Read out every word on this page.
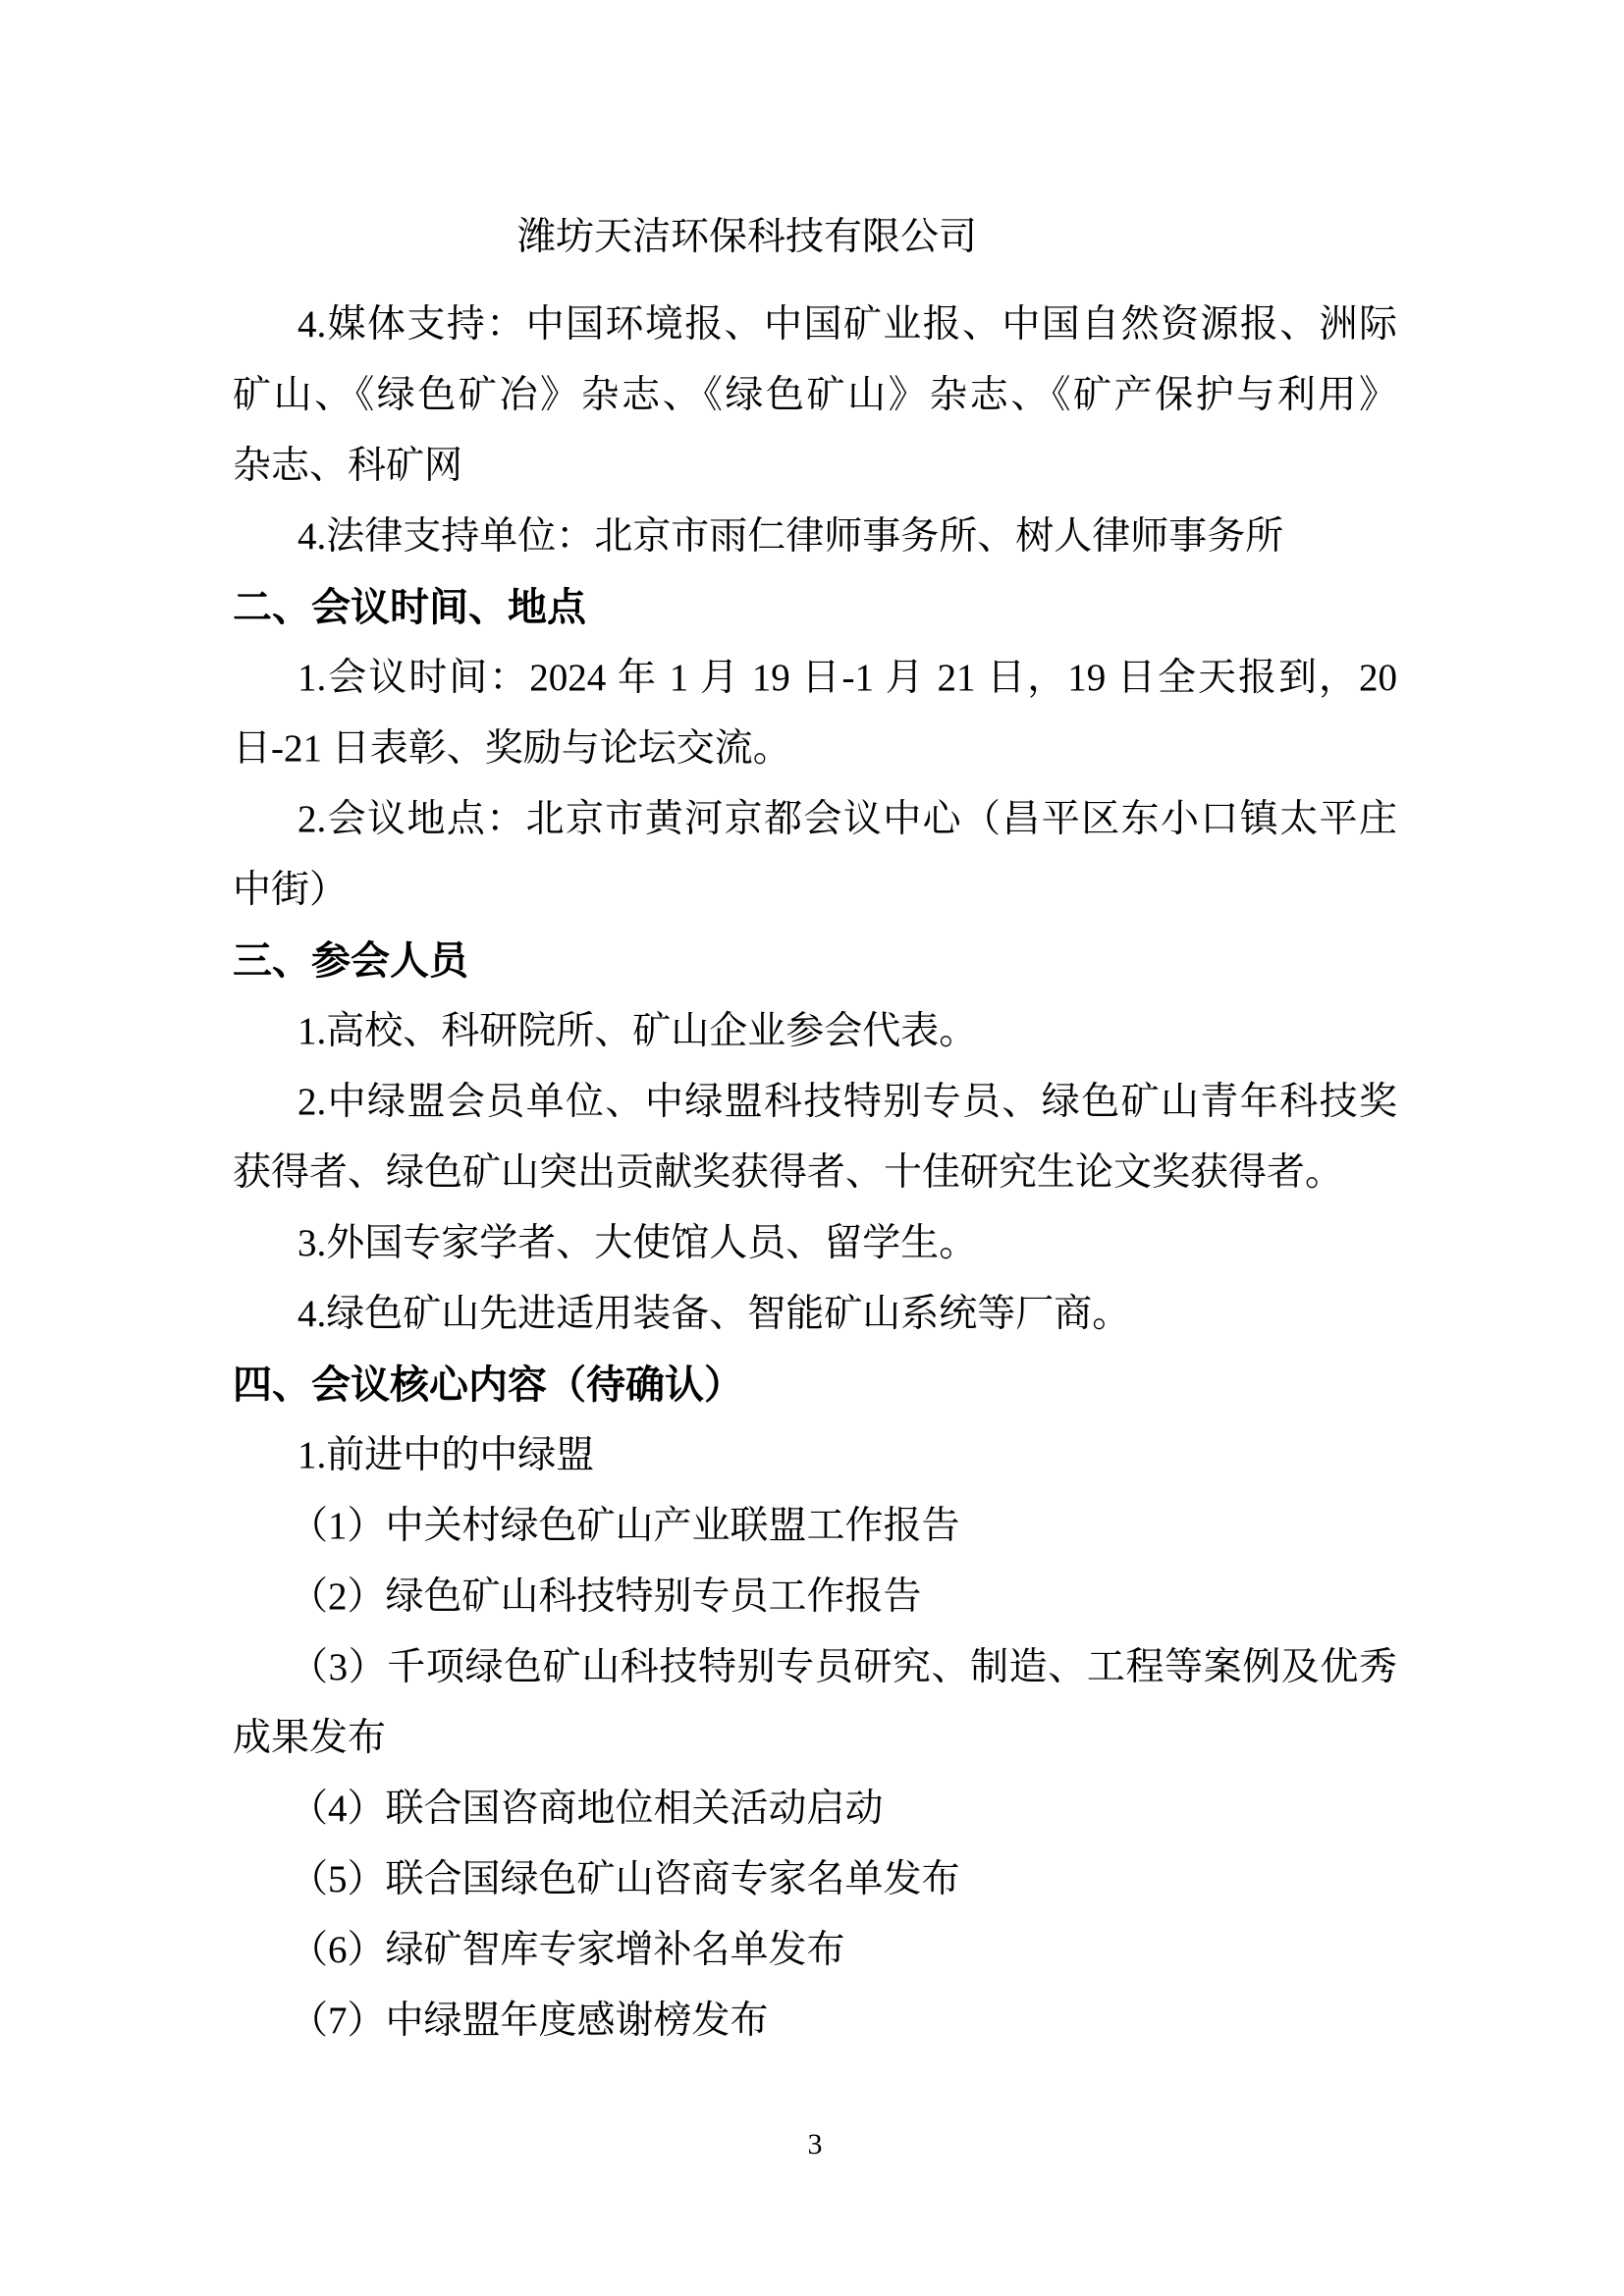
潍坊天洁环保科技有限公司

4.媒体支持：中国环境报、中国矿业报、中国自然资源报、洲际

矿山、《绿色矿冶》杂志、《绿色矿山》杂志、《矿产保护与利用》

杂志、科矿网

4.法律支持单位：北京市雨仁律师事务所、树人律师事务所

二、会议时间、地点

1.会议时间：2024 年 1 月 19 日-1 月 21 日，19 日全天报到，20

日-21 日表彰、奖励与论坛交流。

2.会议地点：北京市黄河京都会议中心（昌平区东小口镇太平庄

中街）

三、参会人员

1.高校、科研院所、矿山企业参会代表。

2.中绿盟会员单位、中绿盟科技特别专员、绿色矿山青年科技奖

获得者、绿色矿山突出贡献奖获得者、十佳研究生论文奖获得者。

3.外国专家学者、大使馆人员、留学生。

4.绿色矿山先进适用装备、智能矿山系统等厂商。

四、会议核心内容（待确认）

1.前进中的中绿盟

（1）中关村绿色矿山产业联盟工作报告

（2）绿色矿山科技特别专员工作报告

（3）千项绿色矿山科技特别专员研究、制造、工程等案例及优秀

成果发布

（4）联合国咨商地位相关活动启动

（5）联合国绿色矿山咨商专家名单发布

（6）绿矿智库专家增补名单发布

（7）中绿盟年度感谢榜发布

3
